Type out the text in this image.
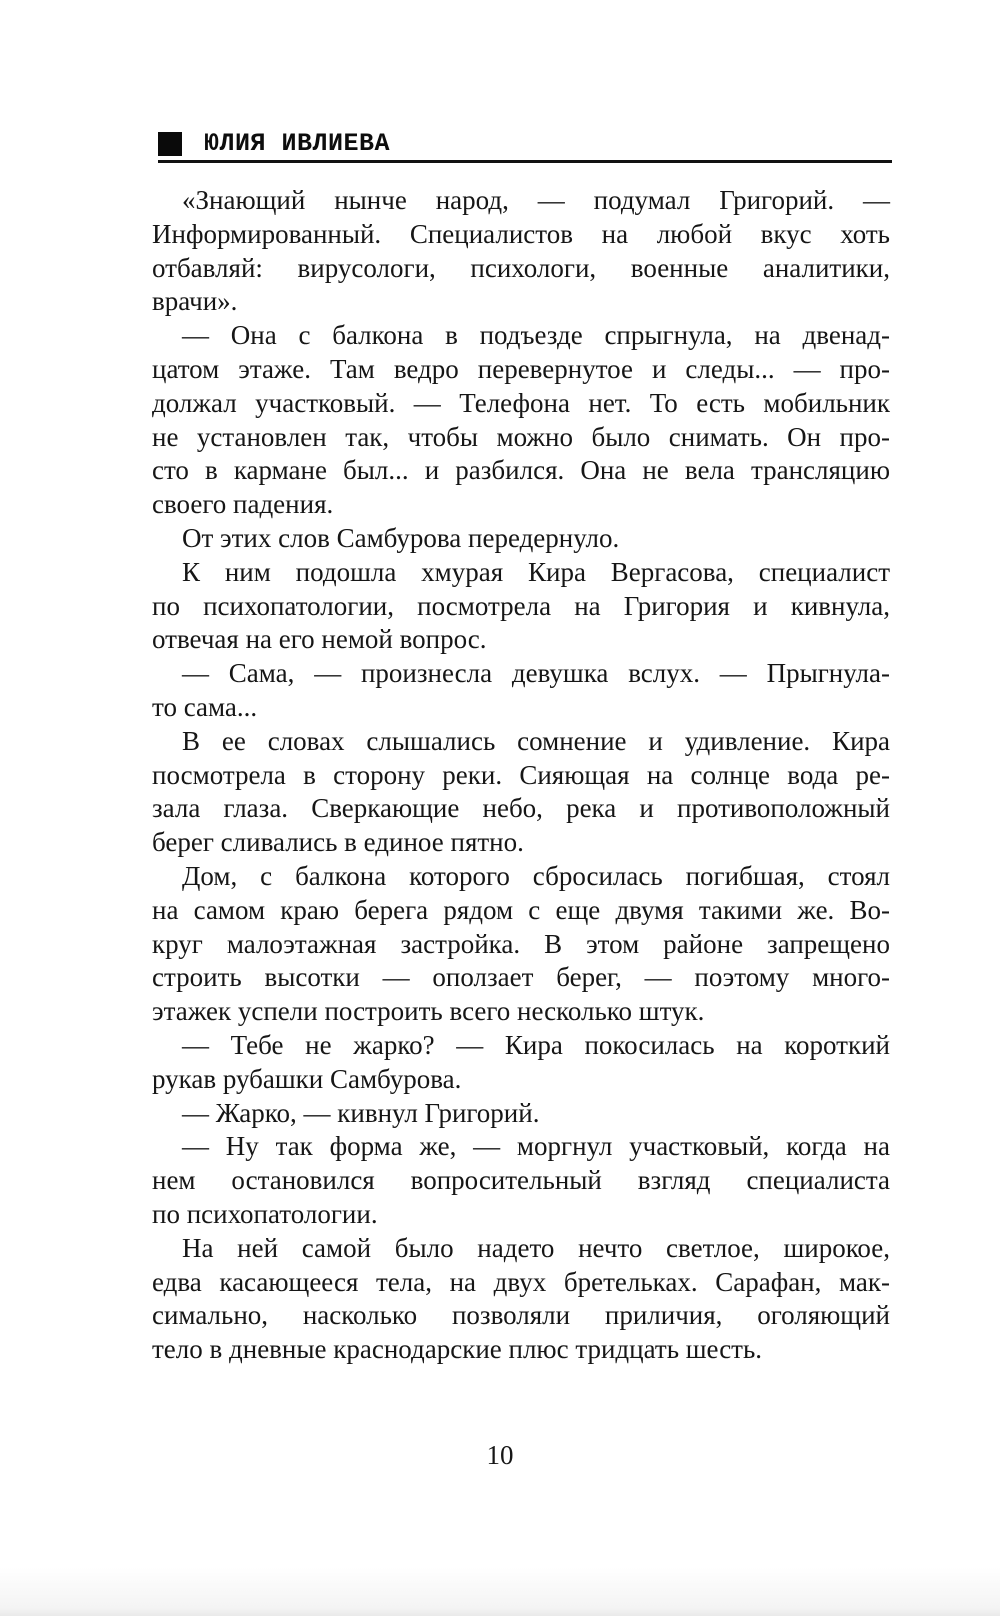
ЮЛИЯ ИВЛИЕВА
«Знающий нынче народ, — подумал Григорий. —
Информированный. Специалистов на любой вкус хоть
отбавляй: вирусологи, психологи, военные аналитики,
врачи».
— Она с балкона в подъезде спрыгнула, на двенад-
цатом этаже. Там ведро перевернутое и следы... — про-
должал участковый. — Телефона нет. То есть мобильник
не установлен так, чтобы можно было снимать. Он про-
сто в кармане был... и разбился. Она не вела трансляцию
своего падения.
От этих слов Самбурова передернуло.
К ним подошла хмурая Кира Вергасова, специалист
по психопатологии, посмотрела на Григория и кивнула,
отвечая на его немой вопрос.
— Сама, — произнесла девушка вслух. — Прыгнула-
то сама...
В ее словах слышались сомнение и удивление. Кира
посмотрела в сторону реки. Сияющая на солнце вода ре-
зала глаза. Сверкающие небо, река и противоположный
берег сливались в единое пятно.
Дом, с балкона которого сбросилась погибшая, стоял
на самом краю берега рядом с еще двумя такими же. Во-
круг малоэтажная застройка. В этом районе запрещено
строить высотки — оползает берег, — поэтому много-
этажек успели построить всего несколько штук.
— Тебе не жарко? — Кира покосилась на короткий
рукав рубашки Самбурова.
— Жарко, — кивнул Григорий.
— Ну так форма же, — моргнул участковый, когда на
нем остановился вопросительный взгляд специалиста
по психопатологии.
На ней самой было надето нечто светлое, широкое,
едва касающееся тела, на двух бретельках. Сарафан, мак-
симально, насколько позволяли приличия, оголяющий
тело в дневные краснодарские плюс тридцать шесть.
10
